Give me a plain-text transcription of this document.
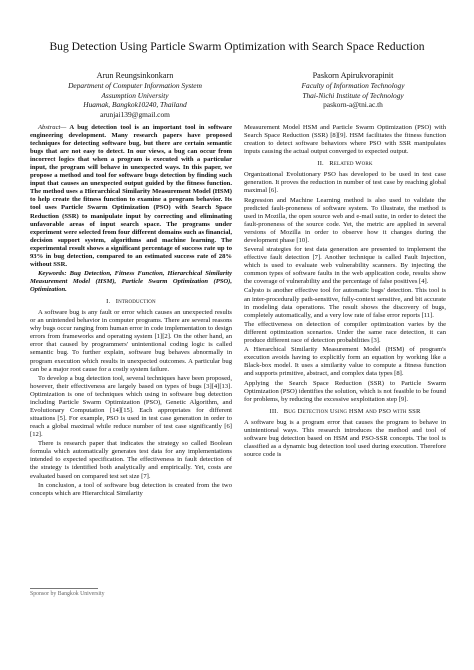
Bug Detection Using Particle Swarm Optimization with Search Space Reduction
Arun Reungsinkonkarn
Department of Computer Information System
Assumption University
Huamak, Bangkok10240, Thailand
arunjai139@gmail.com
Paskorn Apirukvorapinit
Faculty of Information Technology
Thai-Nichi Institute of Technology
paskorn-a@tni.ac.th

Abstract— A bug detection tool is an important tool in software engineering development. Many research papers have proposed techniques for detecting software bug, but there are certain semantic bugs that are not easy to detect. In our views, a bug can occur from incorrect logics that when a program is executed with a particular input, the program will behave in unexpected ways. In this paper, we propose a method and tool for software bugs detection by finding such input that causes an unexpected output guided by the fitness function. The method uses a Hierarchical Similarity Measurement Model (HSM) to help create the fitness function to examine a program behavior. Its tool uses Particle Swarm Optimization (PSO) with Search Space Reduction (SSR) to manipulate input by correcting and eliminating unfavorable areas of input search space. The programs under experiment were selected from four different domains such as financial, decision support system, algorithms and machine learning. The experimental result shows a significant percentage of success rate up to 93% in bug detection, compared to an estimated success rate of 28% without SSR.

Keywords: Bug Detection, Fitness Function, Hierarchical Similarity Measurement Model (HSM), Particle Swarm Optimization (PSO), Optimization.

I. Introduction

A software bug is any fault or error which causes an unexpected results or an unintended behavior in computer programs. There are several reasons why bugs occur ranging from human error in code implementation to design errors from frameworks and operating system [1][2]. On the other hand, an error that caused by programmers' unintentional coding logic is called semantic bug. To further explain, software bug behaves abnormally in program execution which results in unexpected outcomes. A particular bug can be a major root cause for a costly system failure.

To develop a bug detection tool, several techniques have been proposed, however, their effectiveness are largely based on types of bugs [3][4][13]. Optimization is one of techniques which using in software bug detection including Particle Swarm Optimization (PSO), Genetic Algorithm, and Evolutionary Computation [14][15]. Each appropriates for different situations [5]. For example, PSO is used in test case generation in order to reach a global maximal while reduce number of test case significantly [6][12].

There is research paper that indicates the strategy so called Boolean formula which automatically generates test data for any implementations intended to expected specification. The effectiveness in fault detection of the strategy is identified both analytically and empirically. Yet, costs are evaluated based on compared test set size [7].

In conclusion, a tool of software bug detection is created from the two concepts which are Hierarchical Similarity

Measurement Model HSM and Particle Swarm Optimization (PSO) with Search Space Reduction (SSR) [8][9]. HSM facilitates the fitness function creation to detect software behaviors where PSO with SSR manipulates inputs causing the actual output converged to expected output.

II. Related Work

Organizational Evolutionary PSO has developed to be used in test case generation. It proves the reduction in number of test case by reaching global maximal [6].

Regression and Machine Learning method is also used to validate the predicted fault-proneness of software system. To illustrate, the method is used in Mozilla, the open source web and e-mail suite, in order to detect the fault-proneness of the source code. Yet, the metric are applied in several versions of Mozilla in order to observe how it changes during the development phase [10].

Several strategies for test data generation are presented to implement the effective fault detection [7]. Another technique is called Fault Injection, which is used to evaluate web vulnerability scanners. By injecting the common types of software faults in the web application code, results show the coverage of vulnerability and the percentage of false positives [4].

Calysto is another effective tool for automatic bugs' detection. This tool is an inter-procedurally path-sensitive, fully-context sensitive, and bit accurate in modeling data operations. The result shows the discovery of bugs, completely automatically, and a very low rate of false error reports [11].

The effectiveness on detection of compiler optimization varies by the different optimization scenarios. Under the same race detection, it can produce different race of detection probabilities [3].

A Hierarchical Similarity Measurement Model (HSM) of program's execution avoids having to explicitly form an equation by working like a Black-box model. It uses a similarity value to compute a fitness function and supports primitive, abstract, and complex data types [8].

Applying the Search Space Reduction (SSR) to Particle Swarm Optimization (PSO) identifies the solution, which is not feasible to be found for problems, by reducing the excessive sexploitation step [9].

III. Bug Detection Using HSM and PSO with SSR

A software bug is a program error that causes the program to behave in unintentional ways. This research introduces the method and tool of software bug detection based on HSM and PSO-SSR concepts. The tool is classified as a dynamic bug detection tool used during execution. Therefore source code is

Sponsor by Bangkok University
